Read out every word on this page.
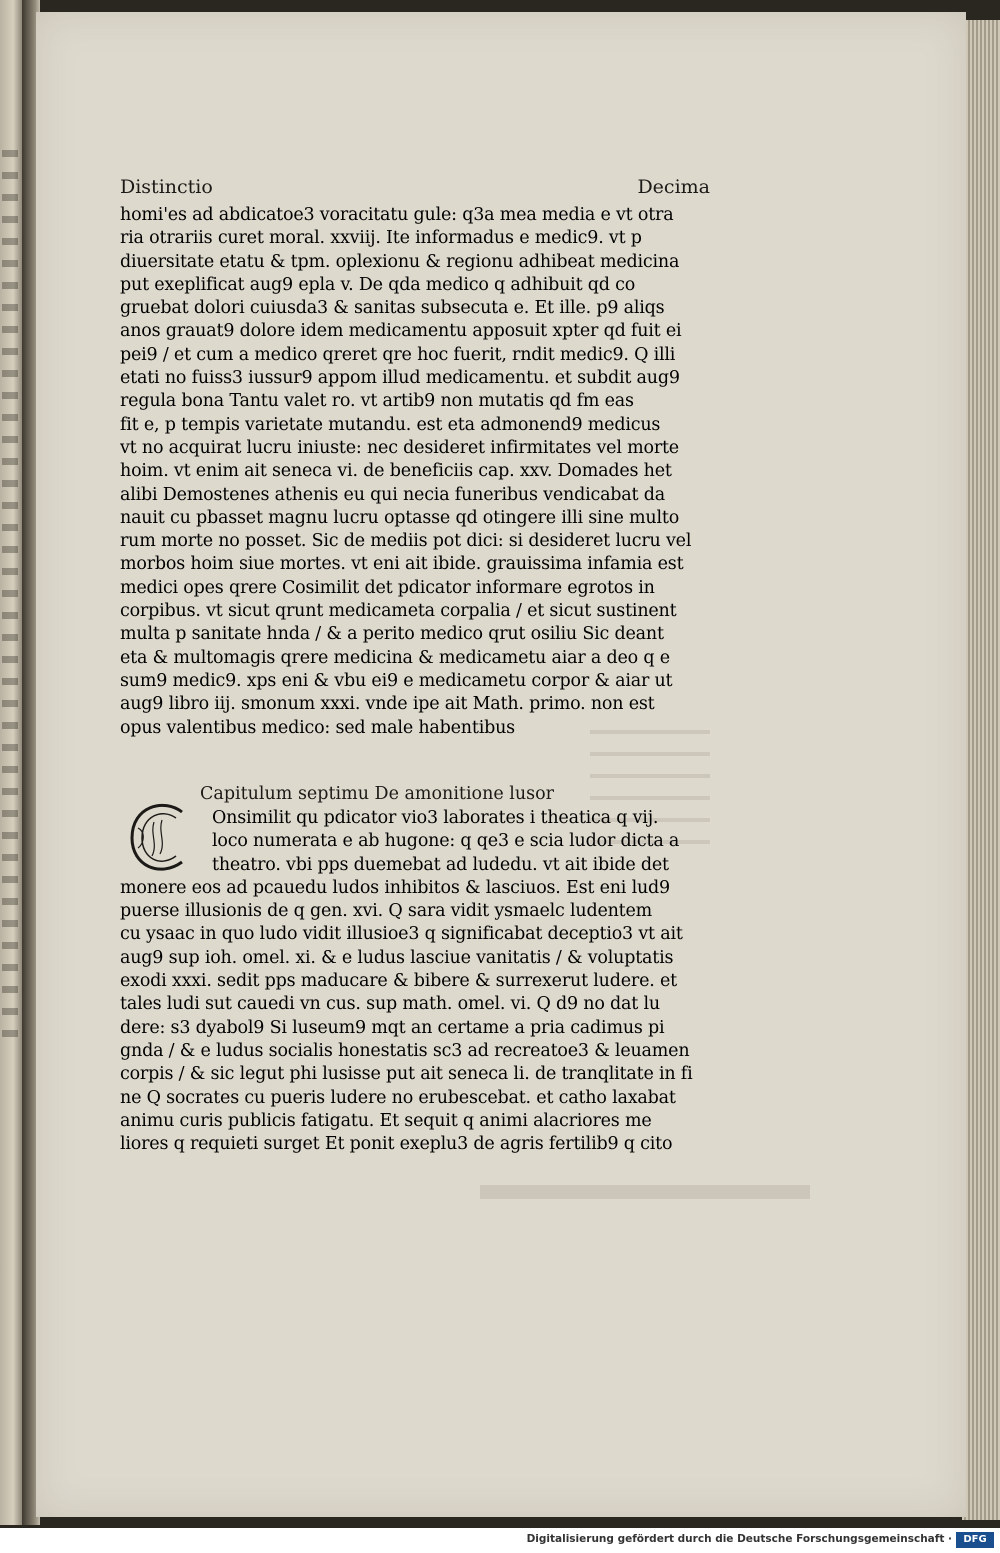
Distinctio	Decima
homi'es ad abdicatoe3 voracitatu gule: q3a mea media e vt otra
ria otrariis curet moral. xxviij. Ite informadus e medic9. vt p
diuersitate etatu & tpm. oplexionu & regionu adhibeat medicina
put exeplificat aug9 epla v. De qda medico q adhibuit qd co
gruebat dolori cuiusda3 & sanitas subsecuta e. Et ille. p9 aliqs
anos grauat9 dolore idem medicamentu apposuit xpter qd fuit ei
pei9 / et cum a medico qreret qre hoc fuerit, rndit medic9. Q illi
etati no fuiss3 iussur9 appom illud medicamentu. et subdit aug9
regula bona Tantu valet ro. vt artib9 non mutatis qd fm eas
fit e, p tempis varietate mutandu. est eta admonend9 medicus
vt no acquirat lucru iniuste: nec desideret infirmitates vel morte
hoim. vt enim ait seneca vi. de beneficiis cap. xxv. Domades het
alibi Demostenes athenis eu qui necia funeribus vendicabat da
nauit cu pbasset magnu lucru optasse qd otingere illi sine multo
rum morte no posset. Sic de mediis pot dici: si desideret lucru vel
morbos hoim siue mortes. vt eni ait ibide. grauissima infamia est
medici opes qrere Cosimilit det pdicator informare egrotos in
corpibus. vt sicut qrunt medicameta corpalia / et sicut sustinent
multa p sanitate hnda / & a perito medico qrut osiliu Sic deant
eta & multomagis qrere medicina & medicametu aiar a deo q e
sum9 medic9. xps eni & vbu ei9 e medicametu corpor & aiar ut
aug9 libro iij. smonum xxxi. vnde ipe ait Math. primo. non est
opus valentibus medico: sed male habentibus
Capitulum septimu De amonitione lusor
Onsimilit qu pdicator vio3 laborates i theatica q vij.
loco numerata e ab hugone: q qe3 e scia ludor dicta a
theatro. vbi pps duemebat ad ludedu. vt ait ibide det
monere eos ad pcauedu ludos inhibitos & lasciuos. Est eni lud9
puerse illusionis de q gen. xvi. Q sara vidit ysmaelc ludentem
cu ysaac in quo ludo vidit illusioe3 q significabat deceptio3 vt ait
aug9 sup ioh. omel. xi. & e ludus lasciue vanitatis / & voluptatis
exodi xxxi. sedit pps maducare & bibere & surrexerut ludere. et
tales ludi sut cauedi vn cus. sup math. omel. vi. Q d9 no dat lu
dere: s3 dyabol9 Si luseum9 mqt an certame a pria cadimus pi
gnda / & e ludus socialis honestatis sc3 ad recreatoe3 & leuamen
corpis / & sic legut phi lusisse put ait seneca li. de tranqlitate in fi
ne Q socrates cu pueris ludere no erubescebat. et catho laxabat
animu curis publicis fatigatu. Et sequit q animi alacriores me
liores q requieti surget Et ponit exeplu3 de agris fertilib9 q cito
Digitalisierung gefördert durch die Deutsche Forschungsgemeinschaft ·	DFG
